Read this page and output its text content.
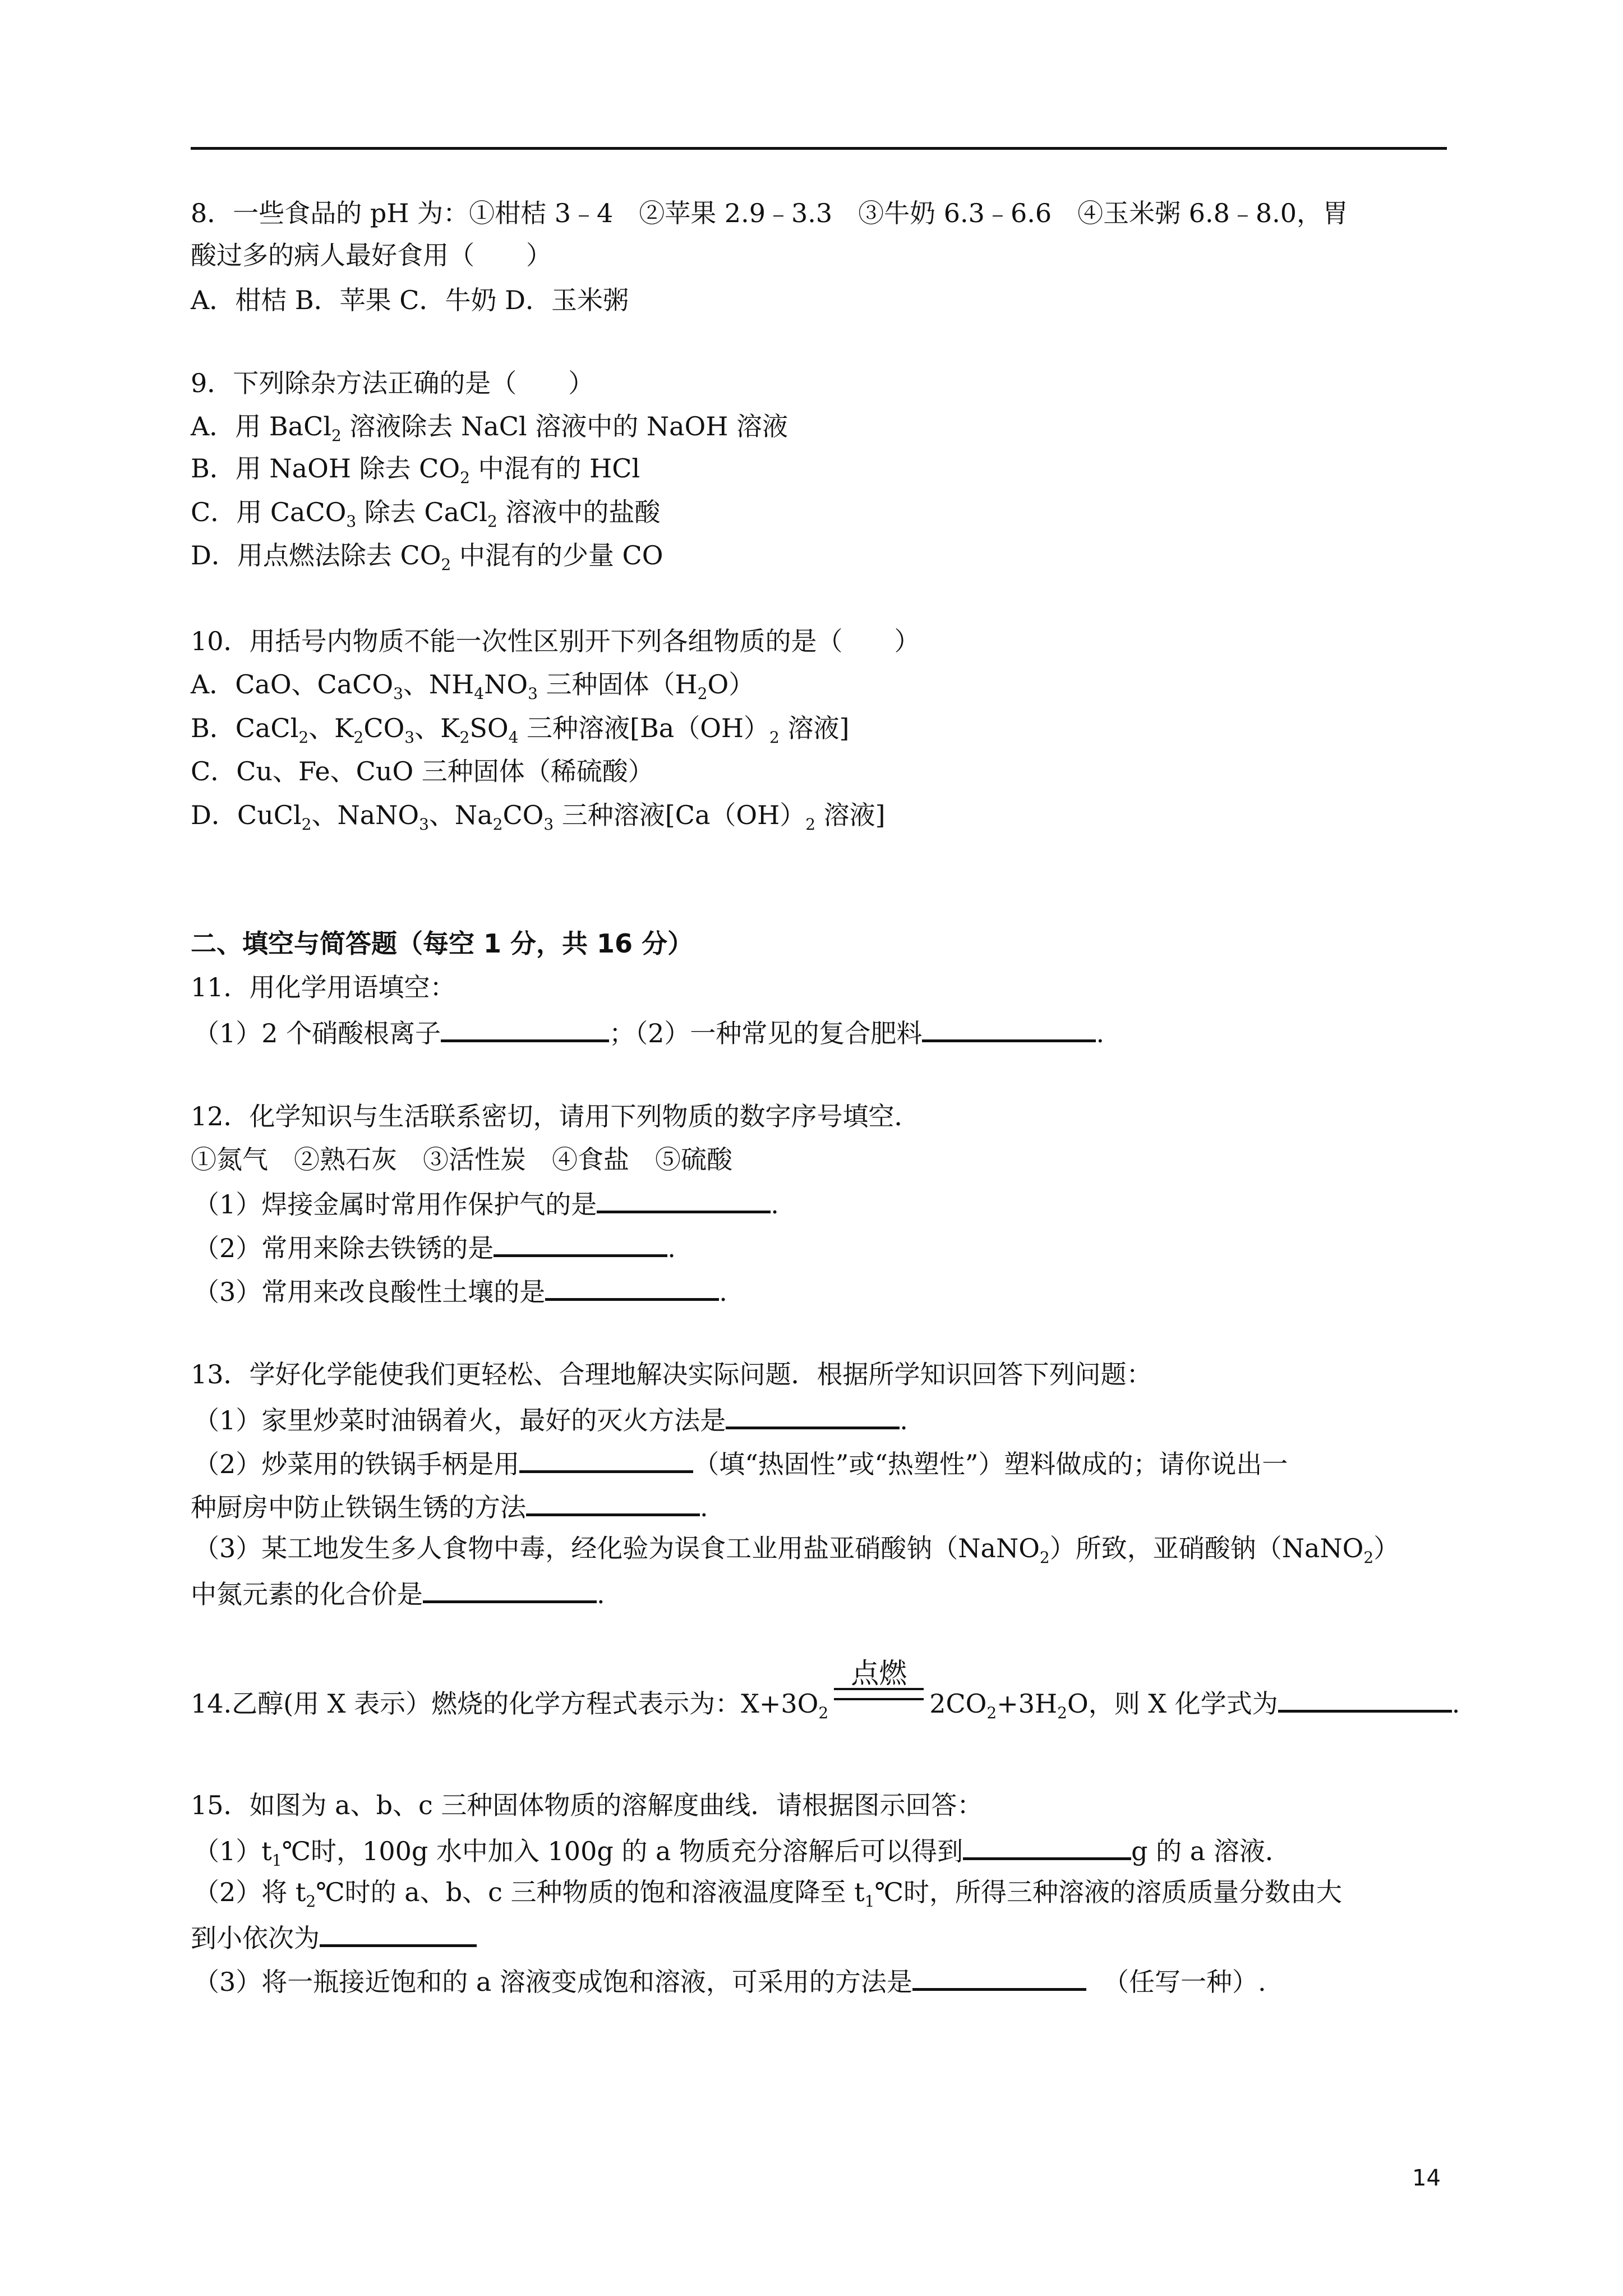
8．一些食品的 pH 为：①柑桔 3﹣4　②苹果 2.9﹣3.3　③牛奶 6.3﹣6.6　④玉米粥 6.8﹣8.0，胃
酸过多的病人最好食用（　　）
A．柑桔 B．苹果 C．牛奶 D．玉米粥
9．下列除杂方法正确的是（　　）
A．用 BaCl$_2$ 溶液除去 NaCl 溶液中的 NaOH 溶液
B．用 NaOH 除去 $CO_2$ 中混有的 HCl
C．用 CaCO$_3$ 除去 CaCl$_2$ 溶液中的盐酸
D．用点燃法除去 $CO_2$ 中混有的少量 CO
10．用括号内物质不能一次性区别开下列各组物质的是（　　）
A．CaO、CaCO$_3$、$NH_4NO_3$ 三种固体$(H_2O)$
B．CaCl$_2$、$K_2CO_3$、$K_2SO_4$ 三种溶液[$Ba(OH)_2$ 溶液]
C．Cu、Fe、CuO 三种固体（稀硫酸）
D．CuCl$_2$、NaNO$_3$、$Na_2CO_3$ 三种溶液[$Ca(OH)_2$ 溶液]
二、填空与简答题（每空 1 分，共 16 分）
11．用化学用语填空：
（1）2 个硝酸根离子	；（2）一种常见的复合肥料	.
12．化学知识与生活联系密切，请用下列物质的数字序号填空．
①氮气　②熟石灰　③活性炭　④食盐　⑤硫酸
（1）焊接金属时常用作保护气的是	.
（2）常用来除去铁锈的是	.
（3）常用来改良酸性土壤的是	.
13．学好化学能使我们更轻松、合理地解决实际问题．根据所学知识回答下列问题：
（1）家里炒菜时油锅着火，最好的灭火方法是	.
（2）炒菜用的铁锅手柄是用	（填“热固性”或“热塑性”）塑料做成的；请你说出一
种厨房中防止铁锅生锈的方法	.
（3）某工地发生多人食物中毒，经化验为误食工业用盐亚硝酸钠（NaNO$_2$）所致，亚硝酸钠（NaNO$_2$）
中氮元素的化合价是	.
14.乙醇(用 X 表示）燃烧的化学方程式表示为：$X+3O_2$
点燃
$2CO_2+3H_2O$，则 X 化学式为	.
15．如图为 a、b、c 三种固体物质的溶解度曲线．请根据图示回答：
$(1)t_1℃$时，100g 水中加入 100g 的 a 物质充分溶解后可以得到	g 的 a 溶液．
（2）将 $t_2℃$时的 a、b、c 三种物质的饱和溶液温度降至 $t_1℃$时，所得三种溶液的溶质质量分数由大
到小依次为
（3）将一瓶接近饱和的 a 溶液变成饱和溶液，可采用的方法是	（任写一种）.
14
